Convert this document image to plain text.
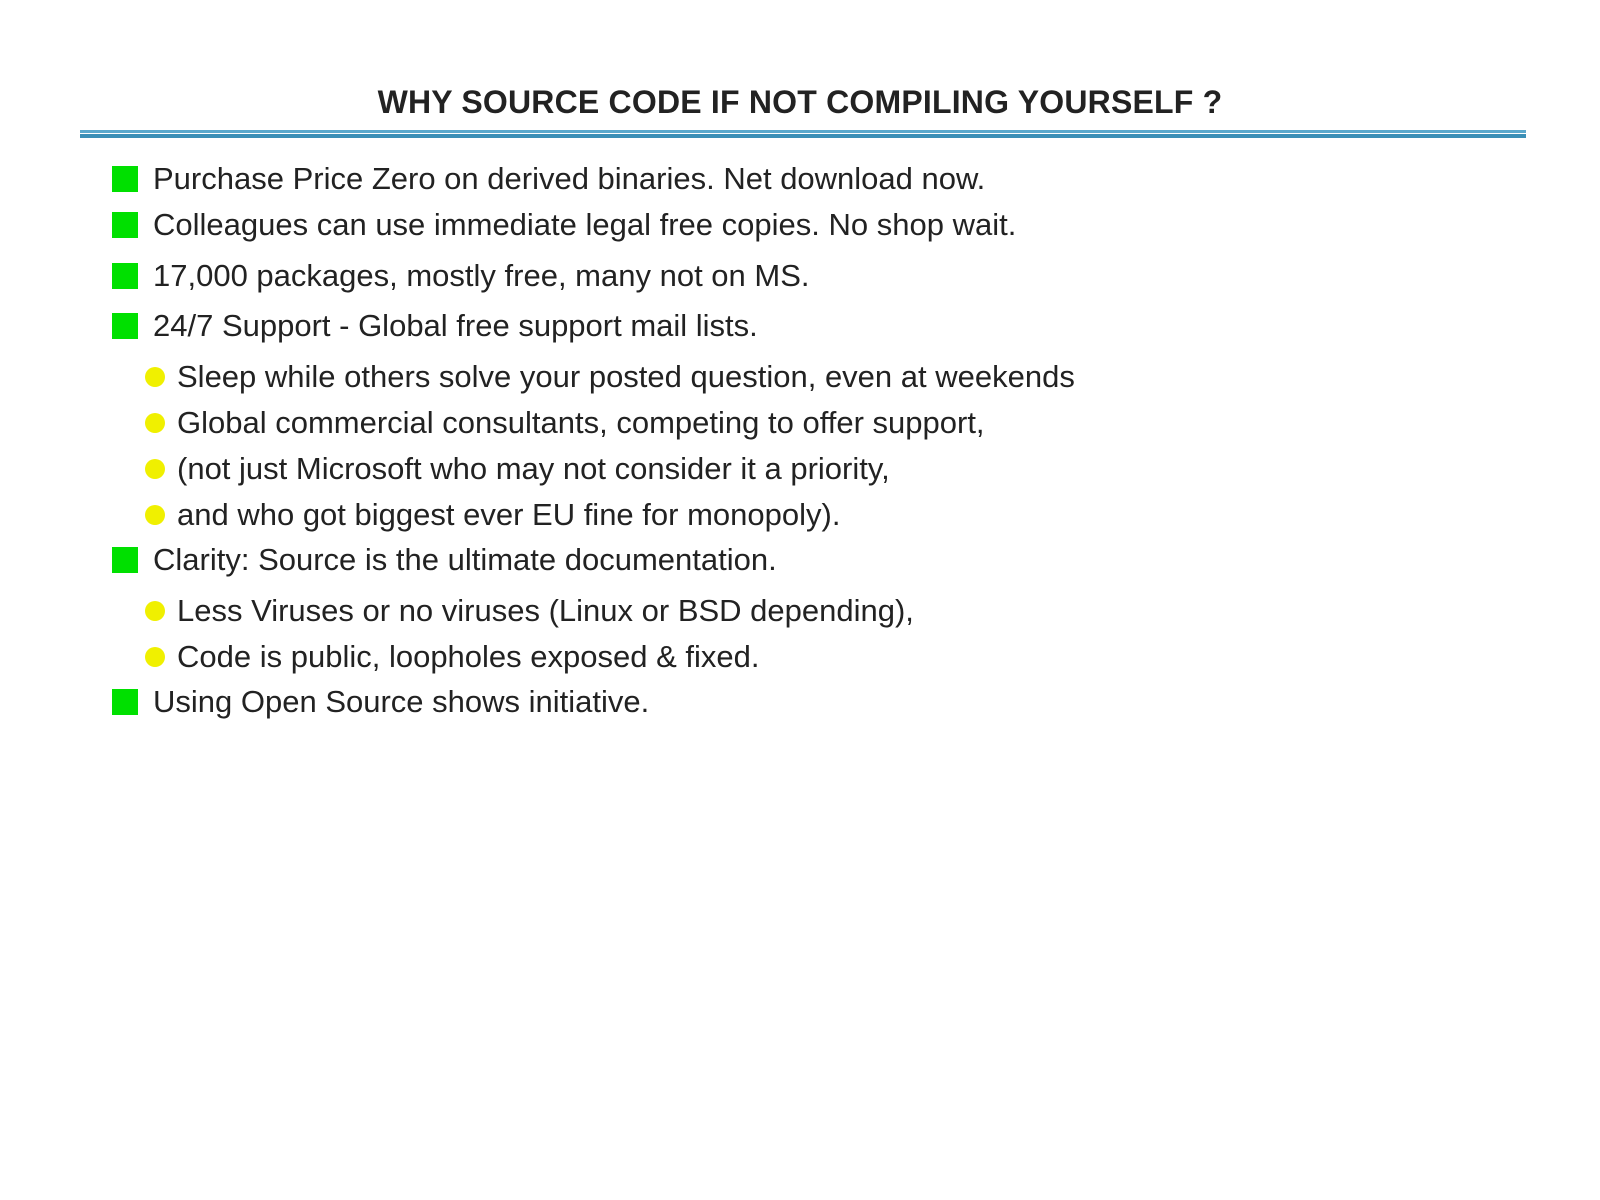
WHY SOURCE CODE IF NOT COMPILING YOURSELF ?
Purchase Price Zero on derived binaries. Net download now.
Colleagues can use immediate legal free copies. No shop wait.
17,000 packages, mostly free, many not on MS.
24/7 Support - Global free support mail lists.
Sleep while others solve your posted question, even at weekends
Global commercial consultants, competing to offer support,
(not just Microsoft who may not consider it a priority,
and who got biggest ever EU fine for monopoly).
Clarity: Source is the ultimate documentation.
Less Viruses or no viruses (Linux or BSD depending),
Code is public, loopholes exposed & fixed.
Using Open Source shows initiative.
